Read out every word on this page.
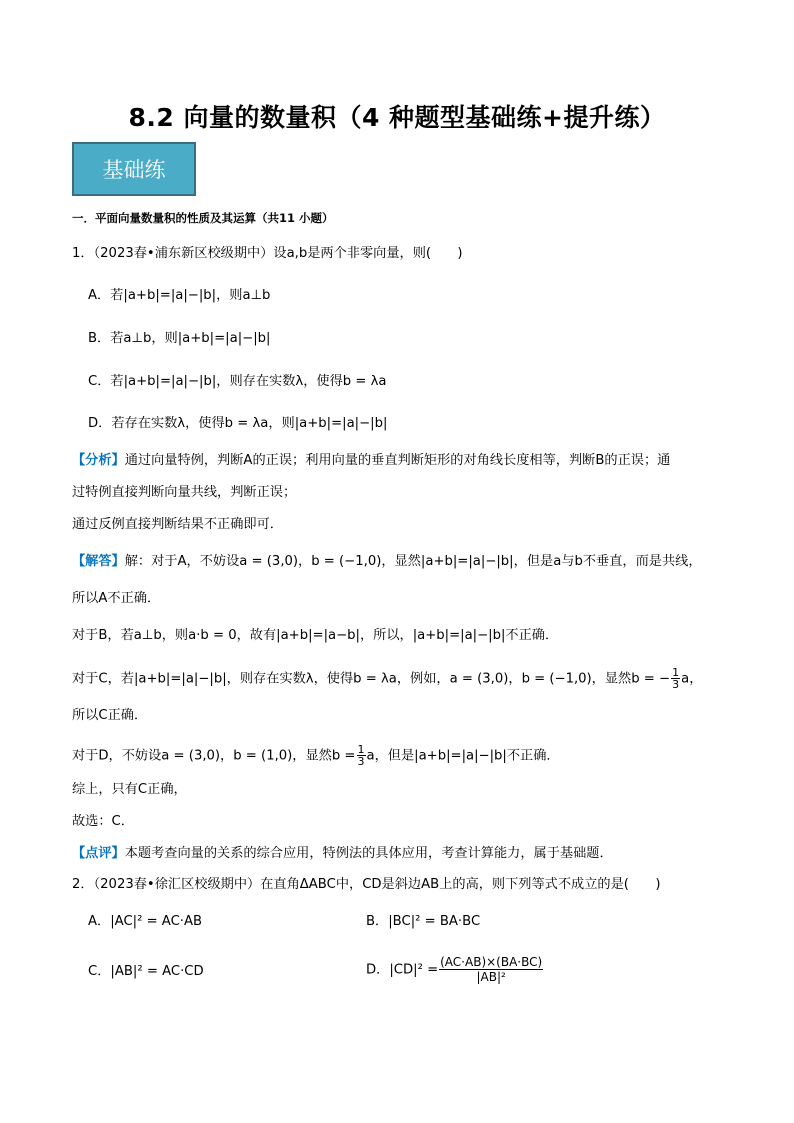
8.2 向量的数量积（4 种题型基础练+提升练）
基础练
一．平面向量数量积的性质及其运算（共11 小题）
1．（2023春•浦东新区校级期中）设a,b是两个非零向量，则(　　)
A．若|a+b|=|a|−|b|，则a⊥b
B．若a⊥b，则|a+b|=|a|−|b|
C．若|a+b|=|a|−|b|，则存在实数λ，使得b = λa
D．若存在实数λ，使得b = λa，则|a+b|=|a|−|b|
【分析】通过向量特例，判断A的正误；利用向量的垂直判断矩形的对角线长度相等，判断B的正误；通
过特例直接判断向量共线，判断正误；
通过反例直接判断结果不正确即可．
【解答】解：对于A，不妨设a = (3,0)，b = (−1,0)，显然|a+b|=|a|−|b|，但是a与b不垂直，而是共线，
所以A不正确．
对于B，若a⊥b，则a·b = 0，故有|a+b|=|a−b|，所以，|a+b|=|a|−|b|不正确．
对于C，若|a+b|=|a|−|b|，则存在实数λ，使得b = λa，例如，a = (3,0)，b = (−1,0)，显然b = − $\frac{1}{3}$ a，
所以C正确．
对于D，不妨设a = (3,0)，b = (1,0)，显然$b = \frac{1}{3}$ a，但是|a+b|=|a|−|b|不正确．
综上，只有C正确，
故选：C．
【点评】本题考查向量的关系的综合应用，特例法的具体应用，考查计算能力，属于基础题．
2．（2023春•徐汇区校级期中）在直角ΔABC中，CD是斜边AB上的高，则下列等式不成立的是(　　)
A．|AC|² = AC·AB	B．|BC|² = BA·BC
C．|AB|² = AC·CD	D．$|CD|^2 = \frac{(AC\cdot AB)\times(BA\cdot BC)}{\text{|AB|²}}$
